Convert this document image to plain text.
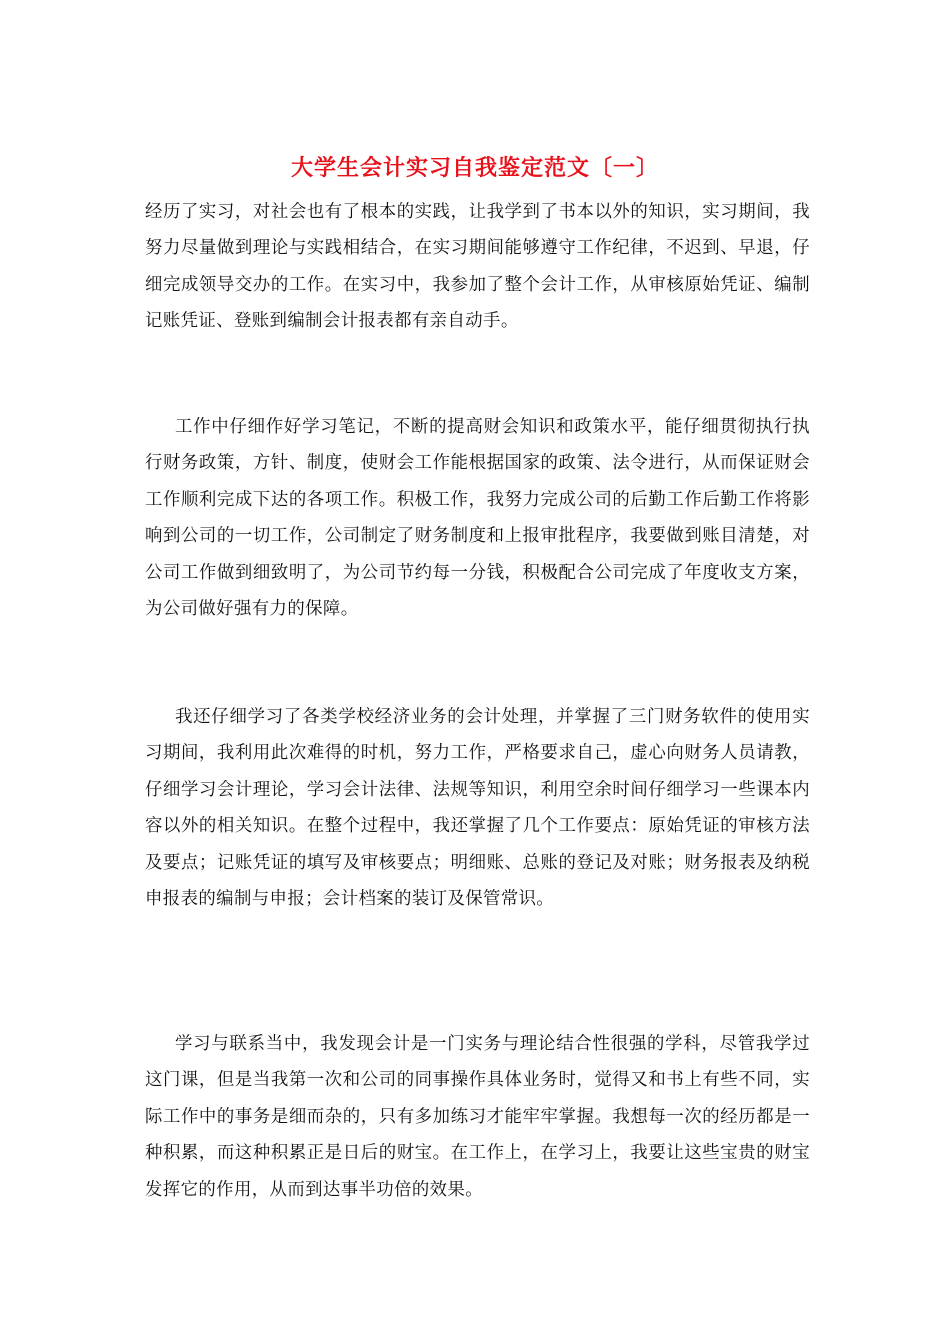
大学生会计实习自我鉴定范文〔一〕

经历了实习，对社会也有了根本的实践，让我学到了书本以外的知识，实习期间，我努力尽量做到理论与实践相结合，在实习期间能够遵守工作纪律，不迟到、早退，仔细完成领导交办的工作。在实习中，我参加了整个会计工作，从审核原始凭证、编制记账凭证、登账到编制会计报表都有亲自动手。

工作中仔细作好学习笔记，不断的提高财会知识和政策水平，能仔细贯彻执行执行财务政策，方针、制度，使财会工作能根据国家的政策、法令进行，从而保证财会工作顺利完成下达的各项工作。积极工作，我努力完成公司的后勤工作后勤工作将影响到公司的一切工作，公司制定了财务制度和上报审批程序，我要做到账目清楚，对公司工作做到细致明了，为公司节约每一分钱，积极配合公司完成了年度收支方案，为公司做好强有力的保障。

我还仔细学习了各类学校经济业务的会计处理，并掌握了三门财务软件的使用实习期间，我利用此次难得的时机，努力工作，严格要求自己，虚心向财务人员请教，仔细学习会计理论，学习会计法律、法规等知识，利用空余时间仔细学习一些课本内容以外的相关知识。在整个过程中，我还掌握了几个工作要点：原始凭证的审核方法及要点；记账凭证的填写及审核要点；明细账、总账的登记及对账；财务报表及纳税申报表的编制与申报；会计档案的装订及保管常识。

学习与联系当中，我发现会计是一门实务与理论结合性很强的学科，尽管我学过这门课，但是当我第一次和公司的同事操作具体业务时，觉得又和书上有些不同，实际工作中的事务是细而杂的，只有多加练习才能牢牢掌握。我想每一次的经历都是一种积累，而这种积累正是日后的财宝。在工作上，在学习上，我要让这些宝贵的财宝发挥它的作用，从而到达事半功倍的效果。
